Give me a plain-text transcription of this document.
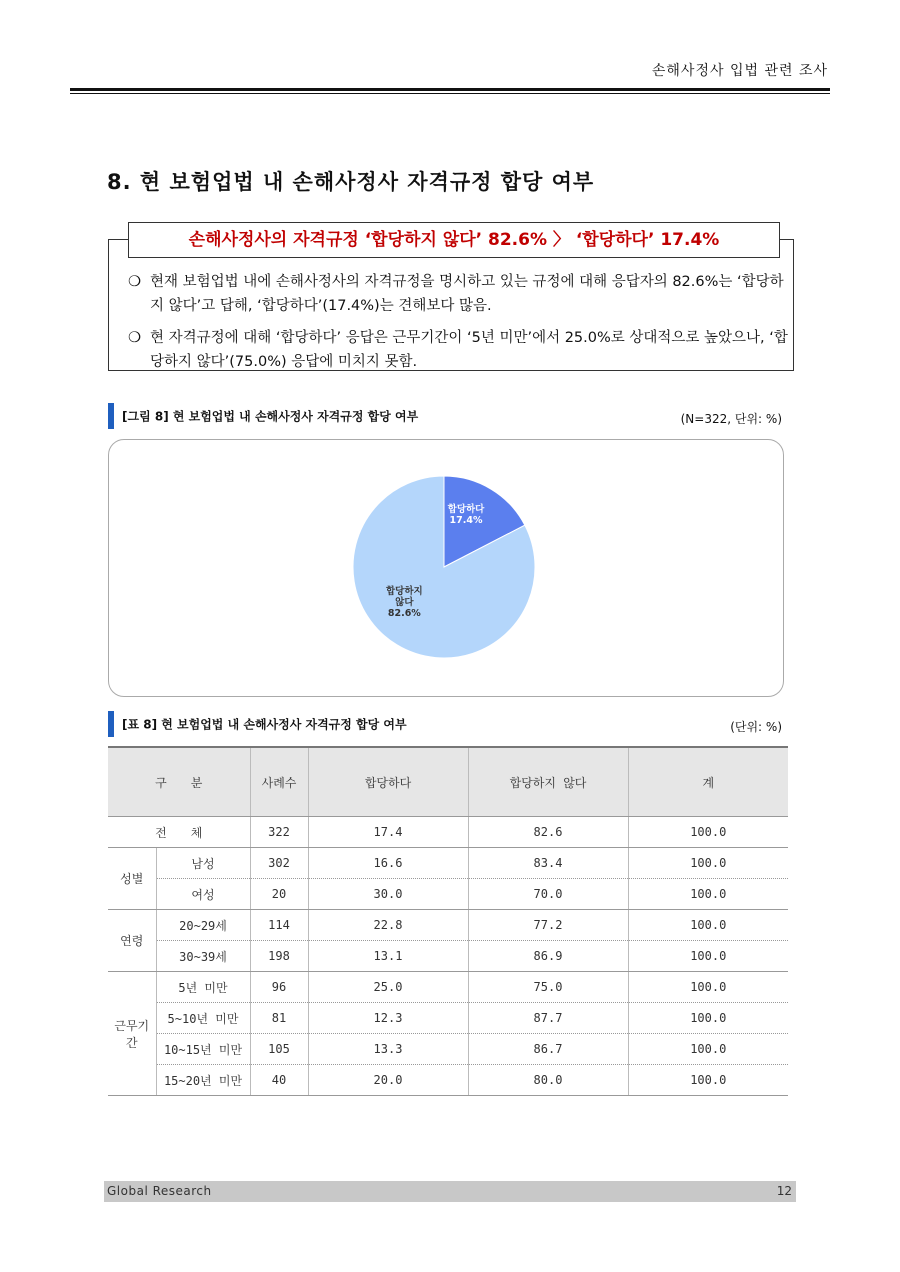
손해사정사 입법 관련 조사
8. 현 보험업법 내 손해사정사 자격규정 합당 여부
손해사정사의 자격규정 ‘합당하지 않다’ 82.6% 〉 ‘합당하다’ 17.4%
❍ 현재 보험업법 내에 손해사정사의 자격규정을 명시하고 있는 규정에 대해 응답자의 82.6%는 ‘합당하지 않다’고 답해, ‘합당하다’(17.4%)는 견해보다 많음.
❍ 현 자격규정에 대해 ‘합당하다’ 응답은 근무기간이 ‘5년 미만’에서 25.0%로 상대적으로 높았으나, ‘합당하지 않다’(75.0%) 응답에 미치지 못함.
[그림 8] 현 보험업법 내 손해사정사 자격규정 합당 여부	(N=322, 단위: %)
합당하다 17.4%
합당하지 않다 82.6%
[표 8] 현 보험업법 내 손해사정사 자격규정 합당 여부	(단위: %)
구　　분		사례수	합당하다	합당하지 않다	계
전　　체		322	17.4	82.6	100.0
성별	남성	302	16.6	83.4	100.0
	여성	20	30.0	70.0	100.0
연령	20~29세	114	22.8	77.2	100.0
	30~39세	198	13.1	86.9	100.0
근무기간	5년 미만	96	25.0	75.0	100.0
	5~10년 미만	81	12.3	87.7	100.0
	10~15년 미만	105	13.3	86.7	100.0
	15~20년 미만	40	20.0	80.0	100.0
Global Research	12
